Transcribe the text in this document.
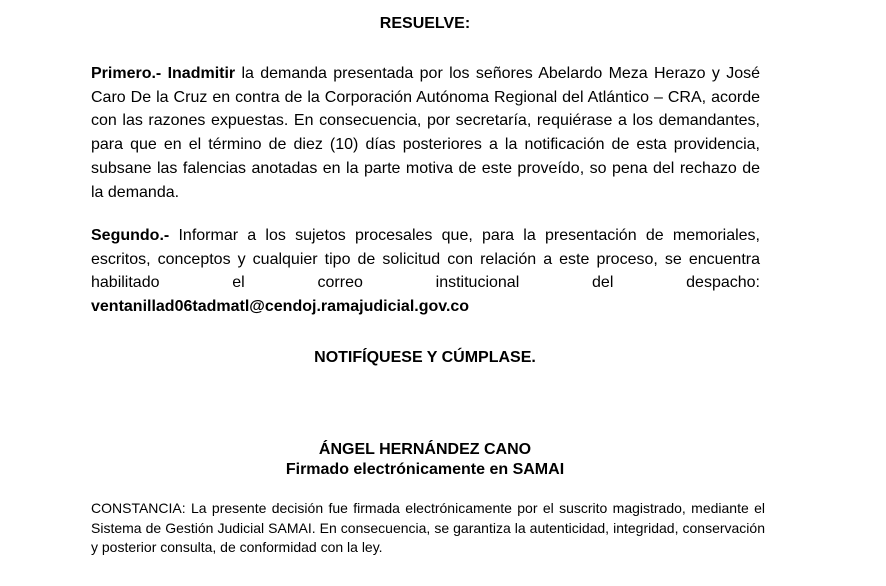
RESUELVE:
Primero.- Inadmitir la demanda presentada por los señores Abelardo Meza Herazo y José Caro De la Cruz en contra de la Corporación Autónoma Regional del Atlántico – CRA, acorde con las razones expuestas. En consecuencia, por secretaría, requiérase a los demandantes, para que en el término de diez (10) días posteriores a la notificación de esta providencia, subsane las falencias anotadas en la parte motiva de este proveído, so pena del rechazo de la demanda.
Segundo.- Informar a los sujetos procesales que, para la presentación de memoriales, escritos, conceptos y cualquier tipo de solicitud con relación a este proceso, se encuentra habilitado el correo institucional del despacho: ventanillad06tadmatl@cendoj.ramajudicial.gov.co
NOTIFÍQUESE Y CÚMPLASE.
ÁNGEL HERNÁNDEZ CANO
Firmado electrónicamente en SAMAI
CONSTANCIA: La presente decisión fue firmada electrónicamente por el suscrito magistrado, mediante el Sistema de Gestión Judicial SAMAI. En consecuencia, se garantiza la autenticidad, integridad, conservación y posterior consulta, de conformidad con la ley.
